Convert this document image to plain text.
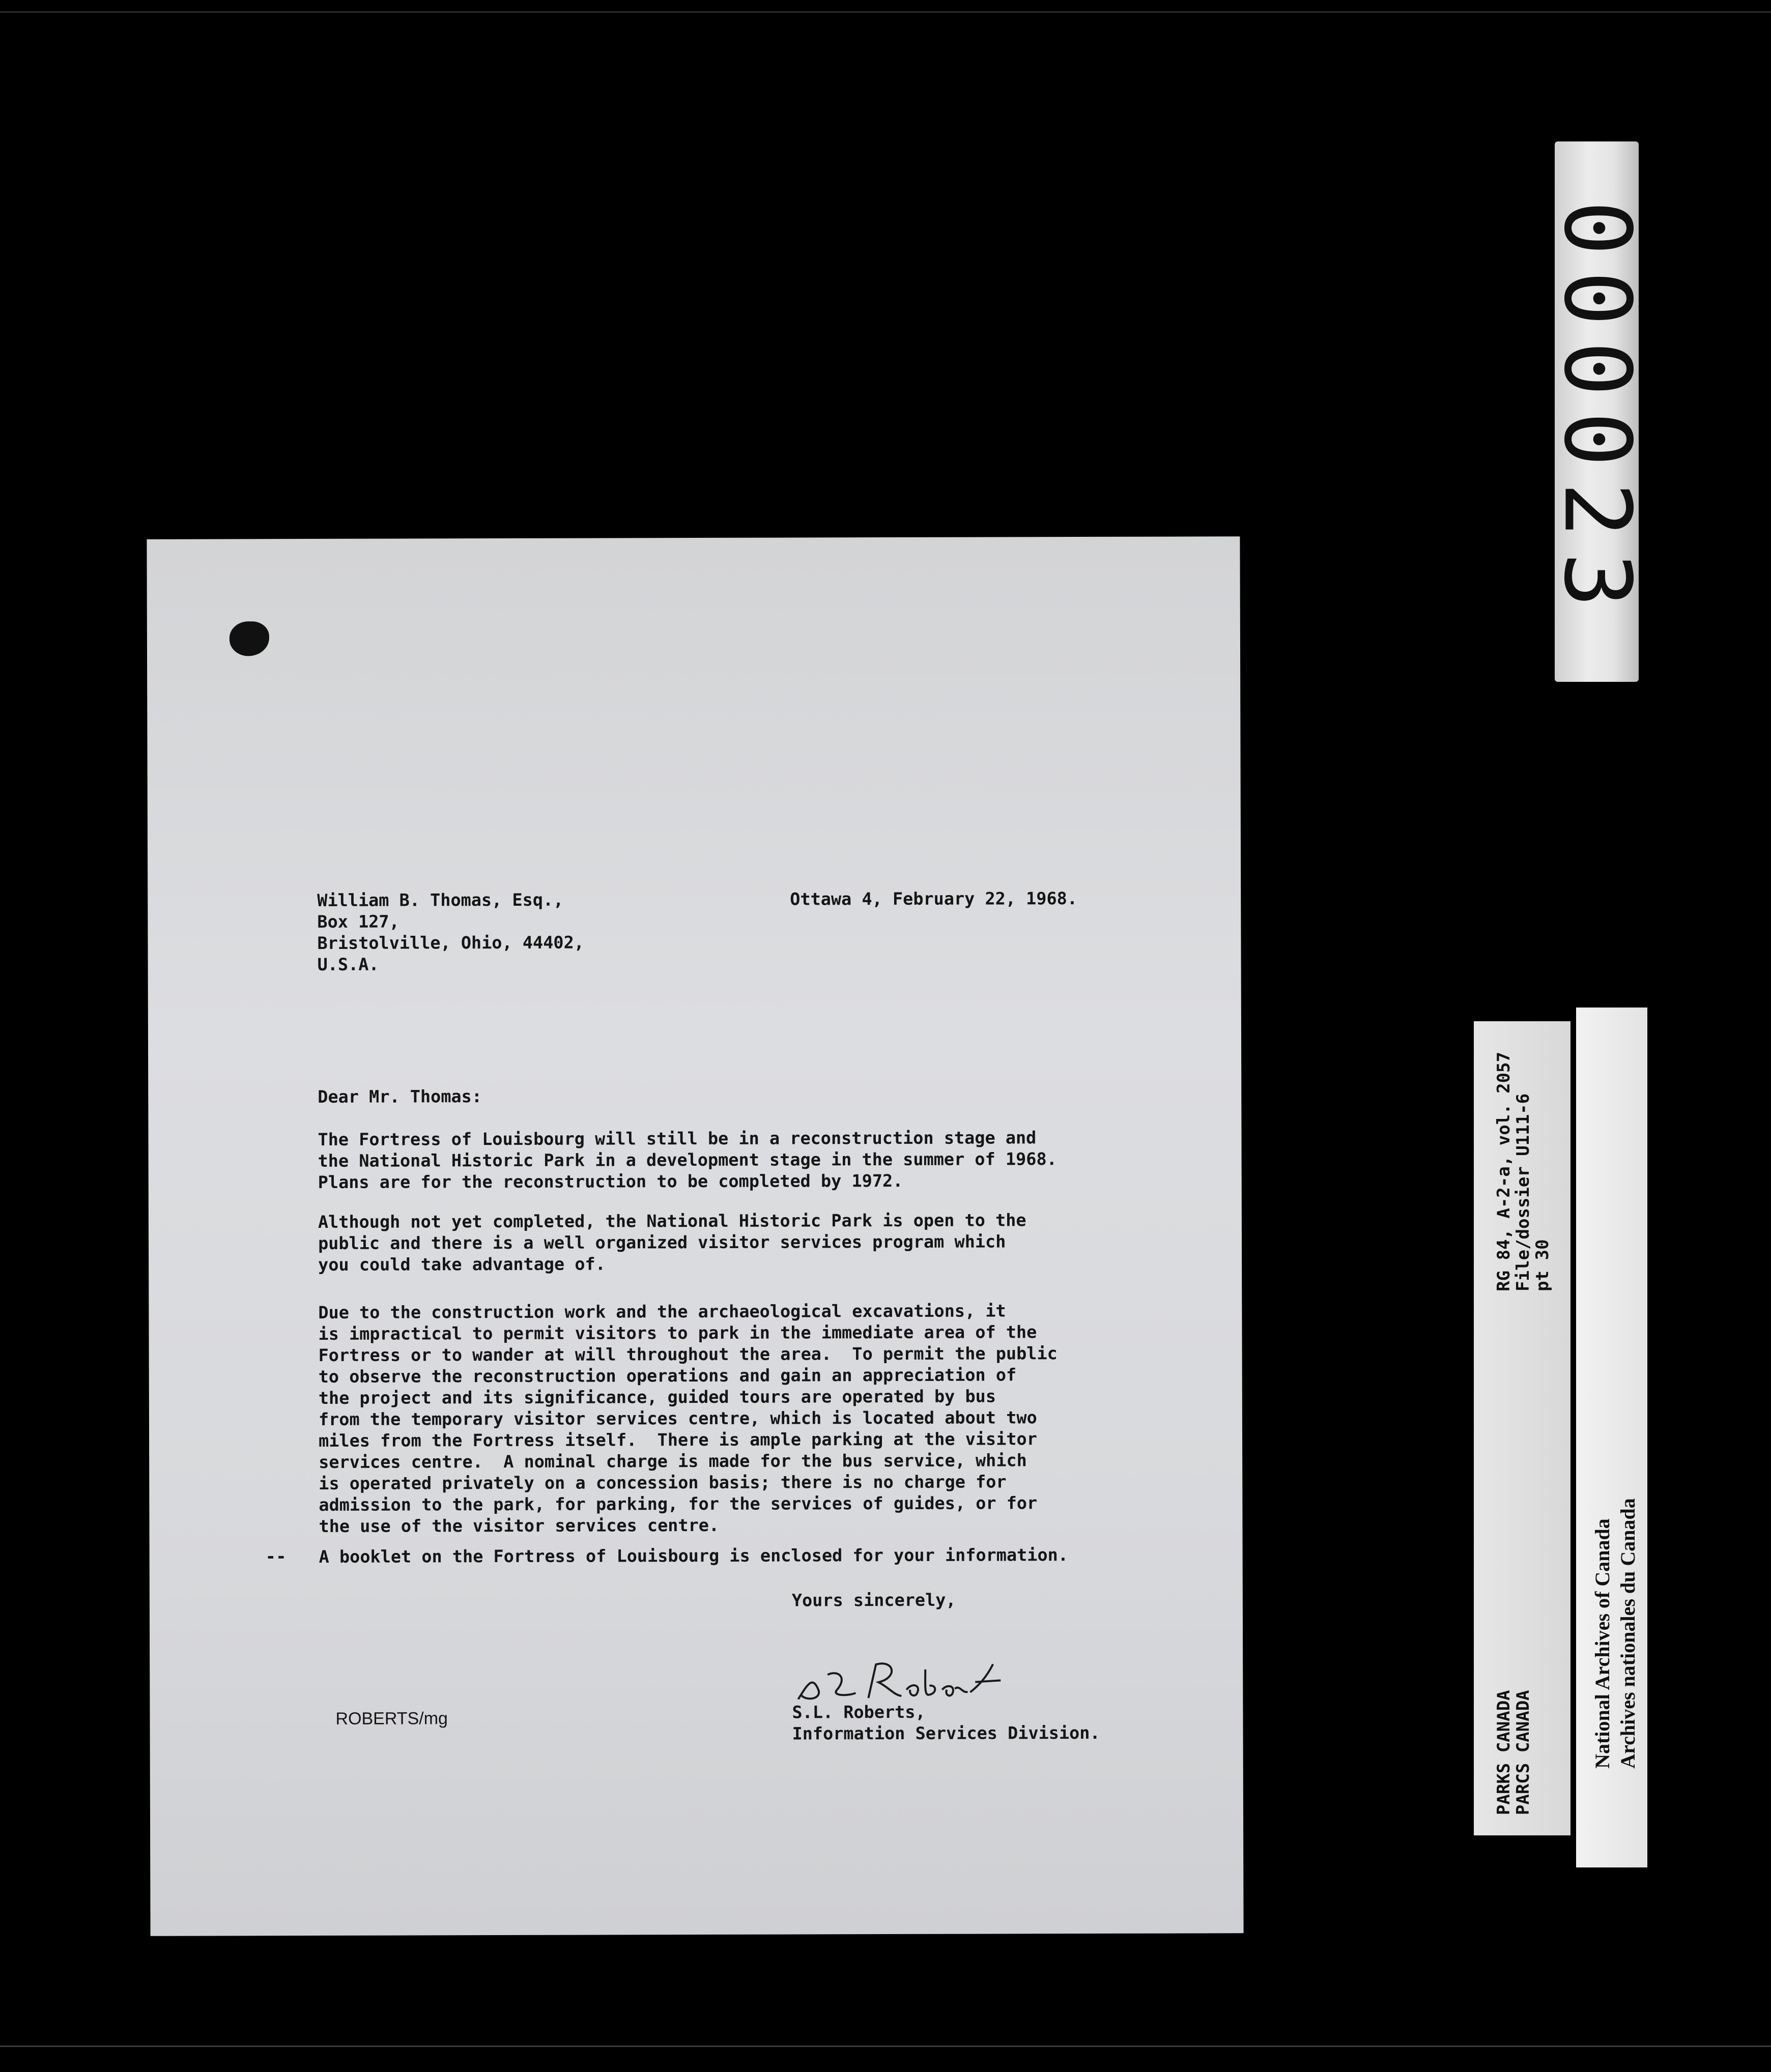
000023
William B. Thomas, Esq.,
Box 127,
Bristolville, Ohio, 44402,
U.S.A.
Ottawa 4, February 22, 1968.
Dear Mr. Thomas:
The Fortress of Louisbourg will still be in a reconstruction stage and
the National Historic Park in a development stage in the summer of 1968.
Plans are for the reconstruction to be completed by 1972.
Although not yet completed, the National Historic Park is open to the
public and there is a well organized visitor services program which
you could take advantage of.
Due to the construction work and the archaeological excavations, it
is impractical to permit visitors to park in the immediate area of the
Fortress or to wander at will throughout the area.  To permit the public
to observe the reconstruction operations and gain an appreciation of
the project and its significance, guided tours are operated by bus
from the temporary visitor services centre, which is located about two
miles from the Fortress itself.  There is ample parking at the visitor
services centre.  A nominal charge is made for the bus service, which
is operated privately on a concession basis; there is no charge for
admission to the park, for parking, for the services of guides, or for
the use of the visitor services centre.
-- A booklet on the Fortress of Louisbourg is enclosed for your information.
Yours sincerely,
S.L. Roberts,
Information Services Division.
ROBERTS/mg
RG 84, A-2-a, vol. 2057
File/dossier U111-6
pt 30
PARKS CANADA
PARCS CANADA	National Archives of Canada Archives nationales du Canada
